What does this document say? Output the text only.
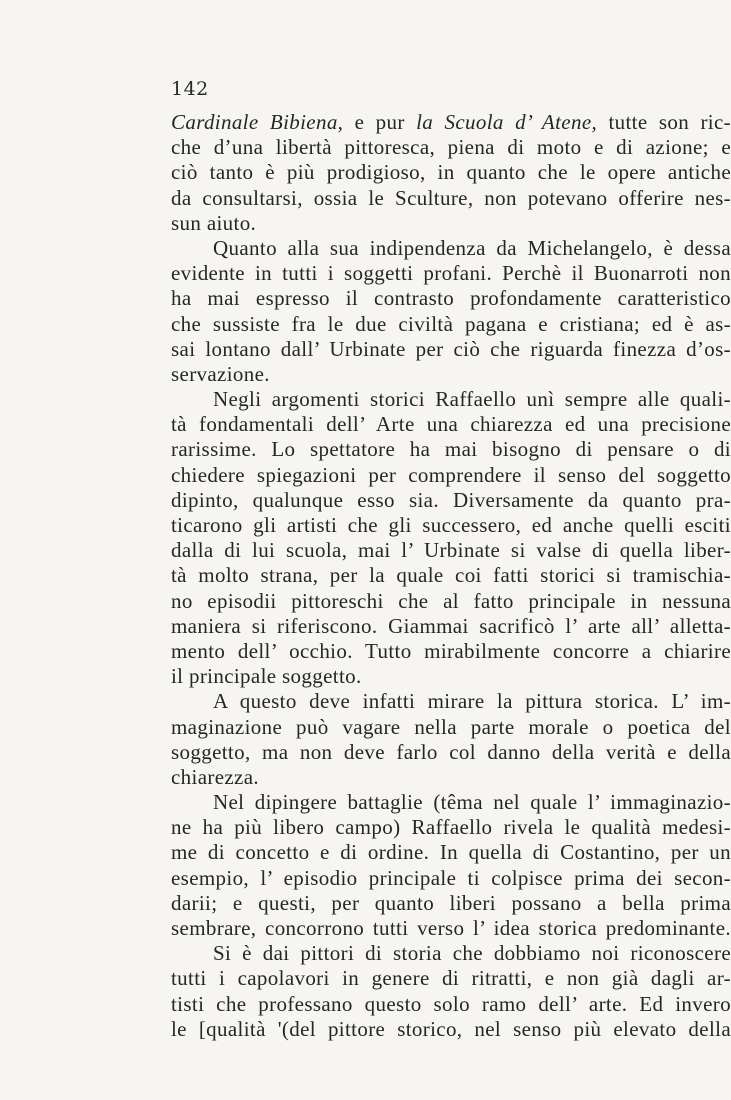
142
Cardinale Bibiena, e pur la Scuola d’ Atene, tutte son ric-
che d’una libertà pittoresca, piena di moto e di azione; e
ciò tanto è più prodigioso, in quanto che le opere antiche
da consultarsi, ossia le Sculture, non potevano offerire nes-
sun aiuto.
Quanto alla sua indipendenza da Michelangelo, è dessa
evidente in tutti i soggetti profani. Perchè il Buonarroti non
ha mai espresso il contrasto profondamente caratteristico
che sussiste fra le due civiltà pagana e cristiana; ed è as-
sai lontano dall’ Urbinate per ciò che riguarda finezza d’os-
servazione.
Negli argomenti storici Raffaello unì sempre alle quali-
tà fondamentali dell’ Arte una chiarezza ed una precisione
rarissime. Lo spettatore ha mai bisogno di pensare o di
chiedere spiegazioni per comprendere il senso del soggetto
dipinto, qualunque esso sia. Diversamente da quanto pra-
ticarono gli artisti che gli successero, ed anche quelli esciti
dalla di lui scuola, mai l’ Urbinate si valse di quella liber-
tà molto strana, per la quale coi fatti storici si tramischia-
no episodii pittoreschi che al fatto principale in nessuna
maniera si riferiscono. Giammai sacrificò l’ arte all’ alletta-
mento dell’ occhio. Tutto mirabilmente concorre a chiarire
il principale soggetto.
A questo deve infatti mirare la pittura storica. L’ im-
maginazione può vagare nella parte morale o poetica del
soggetto, ma non deve farlo col danno della verità e della
chiarezza.
Nel dipingere battaglie (têma nel quale l’ immaginazio-
ne ha più libero campo) Raffaello rivela le qualità medesi-
me di concetto e di ordine. In quella di Costantino, per un
esempio, l’ episodio principale ti colpisce prima dei secon-
darii; e questi, per quanto liberi possano a bella prima
sembrare, concorrono tutti verso l’ idea storica predominante.
Si è dai pittori di storia che dobbiamo noi riconoscere
tutti i capolavori in genere di ritratti, e non già dagli ar-
tisti che professano questo solo ramo dell’ arte. Ed invero
le [qualità '(del pittore storico, nel senso più elevato della
